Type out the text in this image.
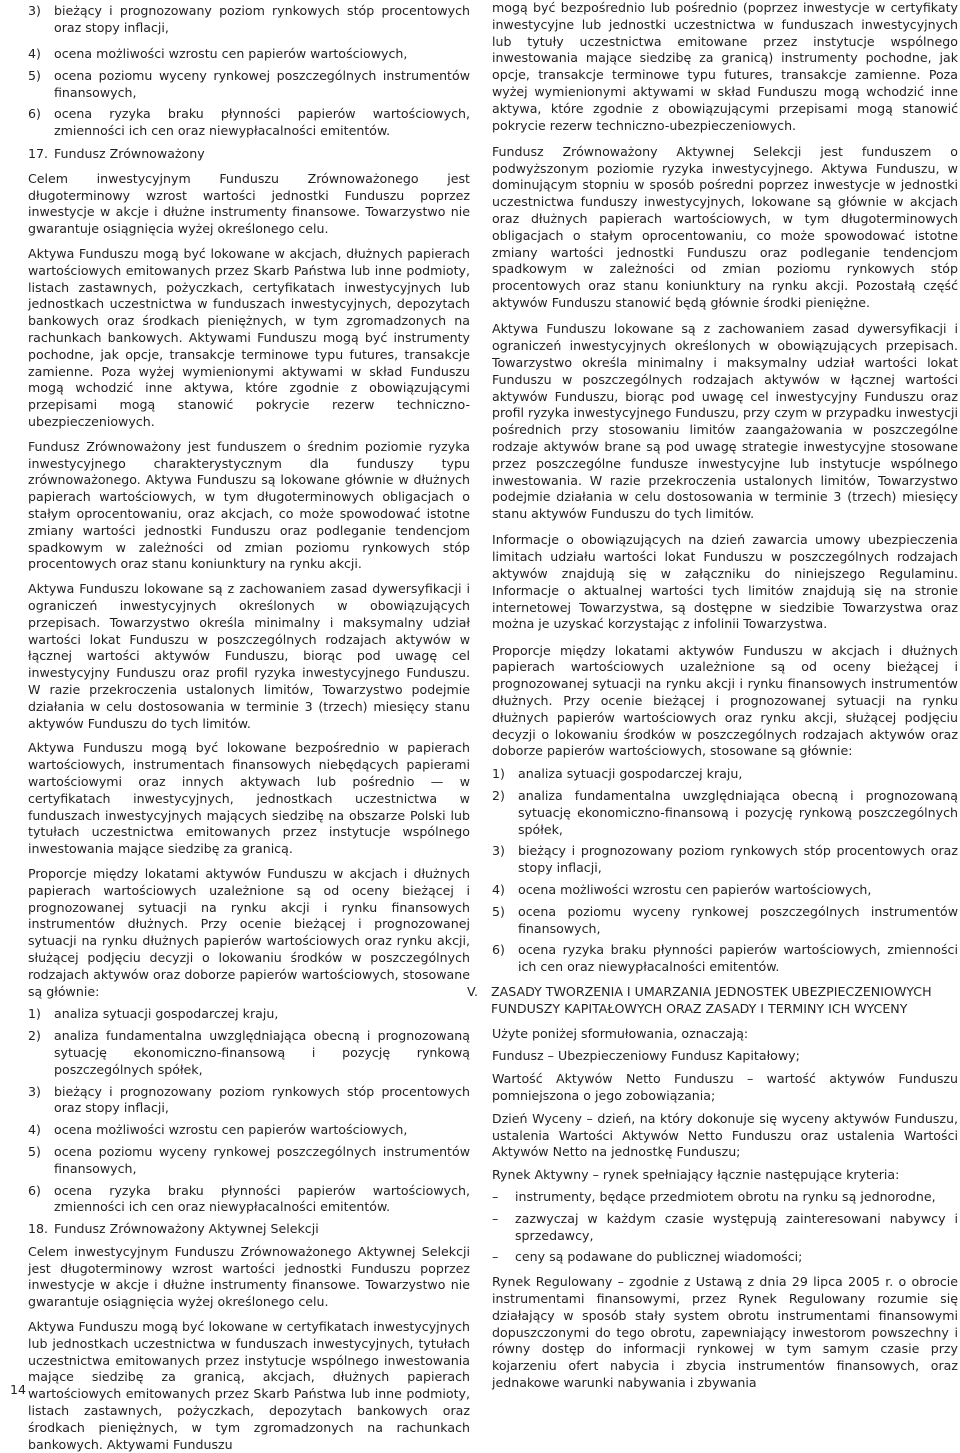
3)	bieżący i prognozowany poziom rynkowych stóp procentowych oraz stopy inflacji,
4)	ocena możliwości wzrostu cen papierów wartościowych,
5)	ocena poziomu wyceny rynkowej poszczególnych instrumentów finansowych,
6)	ocena ryzyka braku płynności papierów wartościowych, zmienności ich cen oraz niewypłacalności emitentów.
17. Fundusz Zrównoważony

Celem inwestycyjnym Funduszu Zrównoważonego jest długoterminowy wzrost wartości jednostki Funduszu poprzez inwestycje w akcje i dłużne instrumenty finansowe. Towarzystwo nie gwarantuje osiągnięcia wyżej określonego celu.

Aktywa Funduszu mogą być lokowane w akcjach, dłużnych papierach wartościowych emitowanych przez Skarb Państwa lub inne podmioty, listach zastawnych, pożyczkach, certyfikatach inwestycyjnych lub jednostkach uczestnictwa w funduszach inwestycyjnych, depozytach bankowych oraz środkach pieniężnych, w tym zgromadzonych na rachunkach bankowych. Aktywami Funduszu mogą być instrumenty pochodne, jak opcje, transakcje terminowe typu futures, transakcje zamienne. Poza wyżej wymienionymi aktywami w skład Funduszu mogą wchodzić inne aktywa, które zgodnie z obowiązującymi przepisami mogą stanowić pokrycie rezerw techniczno-ubezpieczeniowych.

Fundusz Zrównoważony jest funduszem o średnim poziomie ryzyka inwestycyjnego charakterystycznym dla funduszy typu zrównoważonego. Aktywa Funduszu są lokowane głównie w dłużnych papierach wartościowych, w tym długoterminowych obligacjach o stałym oprocentowaniu, oraz akcjach, co może spowodować istotne zmiany wartości jednostki Funduszu oraz podleganie tendencjom spadkowym w zależności od zmian poziomu rynkowych stóp procentowych oraz stanu koniunktury na rynku akcji.

Aktywa Funduszu lokowane są z zachowaniem zasad dywersyfikacji i ograniczeń inwestycyjnych określonych w obowiązujących przepisach. Towarzystwo określa minimalny i maksymalny udział wartości lokat Funduszu w poszczególnych rodzajach aktywów w łącznej wartości aktywów Funduszu, biorąc pod uwagę cel inwestycyjny Funduszu oraz profil ryzyka inwestycyjnego Funduszu. W razie przekroczenia ustalonych limitów, Towarzystwo podejmie działania w celu dostosowania w terminie 3 (trzech) miesięcy stanu aktywów Funduszu do tych limitów.

Aktywa Funduszu mogą być lokowane bezpośrednio w papierach wartościowych, instrumentach finansowych niebędących papierami wartościowymi oraz innych aktywach lub pośrednio — w certyfikatach inwestycyjnych, jednostkach uczestnictwa w funduszach inwestycyjnych mających siedzibę na obszarze Polski lub tytułach uczestnictwa emitowanych przez instytucje wspólnego inwestowania mające siedzibę za granicą.

Proporcje między lokatami aktywów Funduszu w akcjach i dłużnych papierach wartościowych uzależnione są od oceny bieżącej i prognozowanej sytuacji na rynku akcji i rynku finansowych instrumentów dłużnych. Przy ocenie bieżącej i prognozowanej sytuacji na rynku dłużnych papierów wartościowych oraz rynku akcji, służącej podjęciu decyzji o lokowaniu środków w poszczególnych rodzajach aktywów oraz doborze papierów wartościowych, stosowane są głównie:

1)	analiza sytuacji gospodarczej kraju,
2)	analiza fundamentalna uwzględniająca obecną i prognozowaną sytuację ekonomiczno-finansową i pozycję rynkową poszczególnych spółek,
3)	bieżący i prognozowany poziom rynkowych stóp procentowych oraz stopy inflacji,
4)	ocena możliwości wzrostu cen papierów wartościowych,
5)	ocena poziomu wyceny rynkowej poszczególnych instrumentów finansowych,
6)	ocena ryzyka braku płynności papierów wartościowych, zmienności ich cen oraz niewypłacalności emitentów.
18. Fundusz Zrównoważony Aktywnej Selekcji

Celem inwestycyjnym Funduszu Zrównoważonego Aktywnej Selekcji jest długoterminowy wzrost wartości jednostki Funduszu poprzez inwestycje w akcje i dłużne instrumenty finansowe. Towarzystwo nie gwarantuje osiągnięcia wyżej określonego celu.

Aktywa Funduszu mogą być lokowane w certyfikatach inwestycyjnych lub jednostkach uczestnictwa w funduszach inwestycyjnych, tytułach uczestnictwa emitowanych przez instytucje wspólnego inwestowania mające siedzibę za granicą, akcjach, dłużnych papierach wartościowych emitowanych przez Skarb Państwa lub inne podmioty, listach zastawnych, pożyczkach, depozytach bankowych oraz środkach pieniężnych, w tym zgromadzonych na rachunkach bankowych. Aktywami Funduszu

mogą być bezpośrednio lub pośrednio (poprzez inwestycje w certyfikaty inwestycyjne lub jednostki uczestnictwa w funduszach inwestycyjnych lub tytuły uczestnictwa emitowane przez instytucje wspólnego inwestowania mające siedzibę za granicą) instrumenty pochodne, jak opcje, transakcje terminowe typu futures, transakcje zamienne. Poza wyżej wymienionymi aktywami w skład Funduszu mogą wchodzić inne aktywa, które zgodnie z obowiązującymi przepisami mogą stanowić pokrycie rezerw techniczno-ubezpieczeniowych.

Fundusz Zrównoważony Aktywnej Selekcji jest funduszem o podwyższonym poziomie ryzyka inwestycyjnego. Aktywa Funduszu, w dominującym stopniu w sposób pośredni poprzez inwestycje w jednostki uczestnictwa funduszy inwestycyjnych, lokowane są głównie w akcjach oraz dłużnych papierach wartościowych, w tym długoterminowych obligacjach o stałym oprocentowaniu, co może spowodować istotne zmiany wartości jednostki Funduszu oraz podleganie tendencjom spadkowym w zależności od zmian poziomu rynkowych stóp procentowych oraz stanu koniunktury na rynku akcji. Pozostałą część aktywów Funduszu stanowić będą głównie środki pieniężne.

Aktywa Funduszu lokowane są z zachowaniem zasad dywersyfikacji i ograniczeń inwestycyjnych określonych w obowiązujących przepisach. Towarzystwo określa minimalny i maksymalny udział wartości lokat Funduszu w poszczególnych rodzajach aktywów w łącznej wartości aktywów Funduszu, biorąc pod uwagę cel inwestycyjny Funduszu oraz profil ryzyka inwestycyjnego Funduszu, przy czym w przypadku inwestycji pośrednich przy stosowaniu limitów zaangażowania w poszczególne rodzaje aktywów brane są pod uwagę strategie inwestycyjne stosowane przez poszczególne fundusze inwestycyjne lub instytucje wspólnego inwestowania. W razie przekroczenia ustalonych limitów, Towarzystwo podejmie działania w celu dostosowania w terminie 3 (trzech) miesięcy stanu aktywów Funduszu do tych limitów.

Informacje o obowiązujących na dzień zawarcia umowy ubezpieczenia limitach udziału wartości lokat Funduszu w poszczególnych rodzajach aktywów znajdują się w załączniku do niniejszego Regulaminu. Informacje o aktualnej wartości tych limitów znajdują się na stronie internetowej Towarzystwa, są dostępne w siedzibie Towarzystwa oraz można je uzyskać korzystając z infolinii Towarzystwa.

Proporcje między lokatami aktywów Funduszu w akcjach i dłużnych papierach wartościowych uzależnione są od oceny bieżącej i prognozowanej sytuacji na rynku akcji i rynku finansowych instrumentów dłużnych. Przy ocenie bieżącej i prognozowanej sytuacji na rynku dłużnych papierów wartościowych oraz rynku akcji, służącej podjęciu decyzji o lokowaniu środków w poszczególnych rodzajach aktywów oraz doborze papierów wartościowych, stosowane są głównie:

1)	analiza sytuacji gospodarczej kraju,
2)	analiza fundamentalna uwzględniająca obecną i prognozowaną sytuację ekonomiczno-finansową i pozycję rynkową poszczególnych spółek,
3)	bieżący i prognozowany poziom rynkowych stóp procentowych oraz stopy inflacji,
4)	ocena możliwości wzrostu cen papierów wartościowych,
5)	ocena poziomu wyceny rynkowej poszczególnych instrumentów finansowych,
6)	ocena ryzyka braku płynności papierów wartościowych, zmienności ich cen oraz niewypłacalności emitentów.
V.	ZASADY TWORZENIA I UMARZANIA JEDNOSTEK UBEZPIECZENIOWYCH FUNDUSZY KAPITAŁOWYCH ORAZ ZASADY I TERMINY ICH WYCENY

Użyte poniżej sformułowania, oznaczają:

Fundusz – Ubezpieczeniowy Fundusz Kapitałowy;

Wartość Aktywów Netto Funduszu – wartość aktywów Funduszu pomniejszona o jego zobowiązania;

Dzień Wyceny – dzień, na który dokonuje się wyceny aktywów Funduszu, ustalenia Wartości Aktywów Netto Funduszu oraz ustalenia Wartości Aktywów Netto na jednostkę Funduszu;

Rynek Aktywny – rynek spełniający łącznie następujące kryteria:

–	instrumenty, będące przedmiotem obrotu na rynku są jednorodne,
–	zazwyczaj w każdym czasie występują zainteresowani nabywcy i sprzedawcy,
–	ceny są podawane do publicznej wiadomości;

Rynek Regulowany – zgodnie z Ustawą z dnia 29 lipca 2005 r. o obrocie instrumentami finansowymi, przez Rynek Regulowany rozumie się działający w sposób stały system obrotu instrumentami finansowymi dopuszczonymi do tego obrotu, zapewniający inwestorom powszechny i równy dostęp do informacji rynkowej w tym samym czasie przy kojarzeniu ofert nabycia i zbycia instrumentów finansowych, oraz jednakowe warunki nabywania i zbywania

14
